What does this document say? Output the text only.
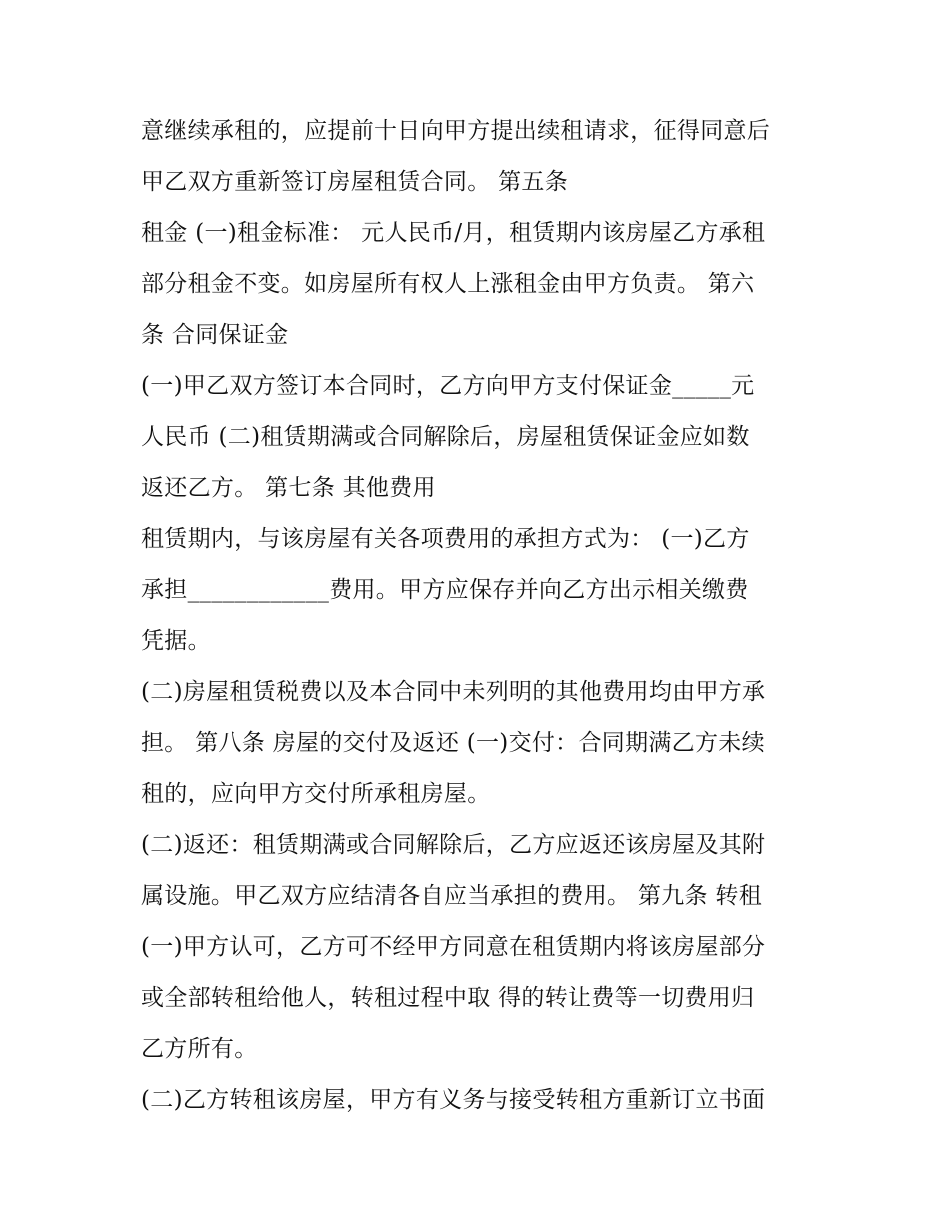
意继续承租的，应提前十日向甲方提出续租请求，征得同意后
甲乙双方重新签订房屋租赁合同。 第五条
租金 (一)租金标准： 元人民币/月，租赁期内该房屋乙方承租
部分租金不变。如房屋所有权人上涨租金由甲方负责。 第六
条 合同保证金
(一)甲乙双方签订本合同时，乙方向甲方支付保证金_____元
人民币 (二)租赁期满或合同解除后，房屋租赁保证金应如数
返还乙方。 第七条 其他费用
租赁期内，与该房屋有关各项费用的承担方式为： (一)乙方
承担____________费用。甲方应保存并向乙方出示相关缴费
凭据。
(二)房屋租赁税费以及本合同中未列明的其他费用均由甲方承
担。 第八条 房屋的交付及返还 (一)交付：合同期满乙方未续
租的，应向甲方交付所承租房屋。
(二)返还：租赁期满或合同解除后，乙方应返还该房屋及其附
属设施。甲乙双方应结清各自应当承担的费用。 第九条 转租
(一)甲方认可，乙方可不经甲方同意在租赁期内将该房屋部分
或全部转租给他人，转租过程中取 得的转让费等一切费用归
乙方所有。
(二)乙方转租该房屋，甲方有义务与接受转租方重新订立书面
